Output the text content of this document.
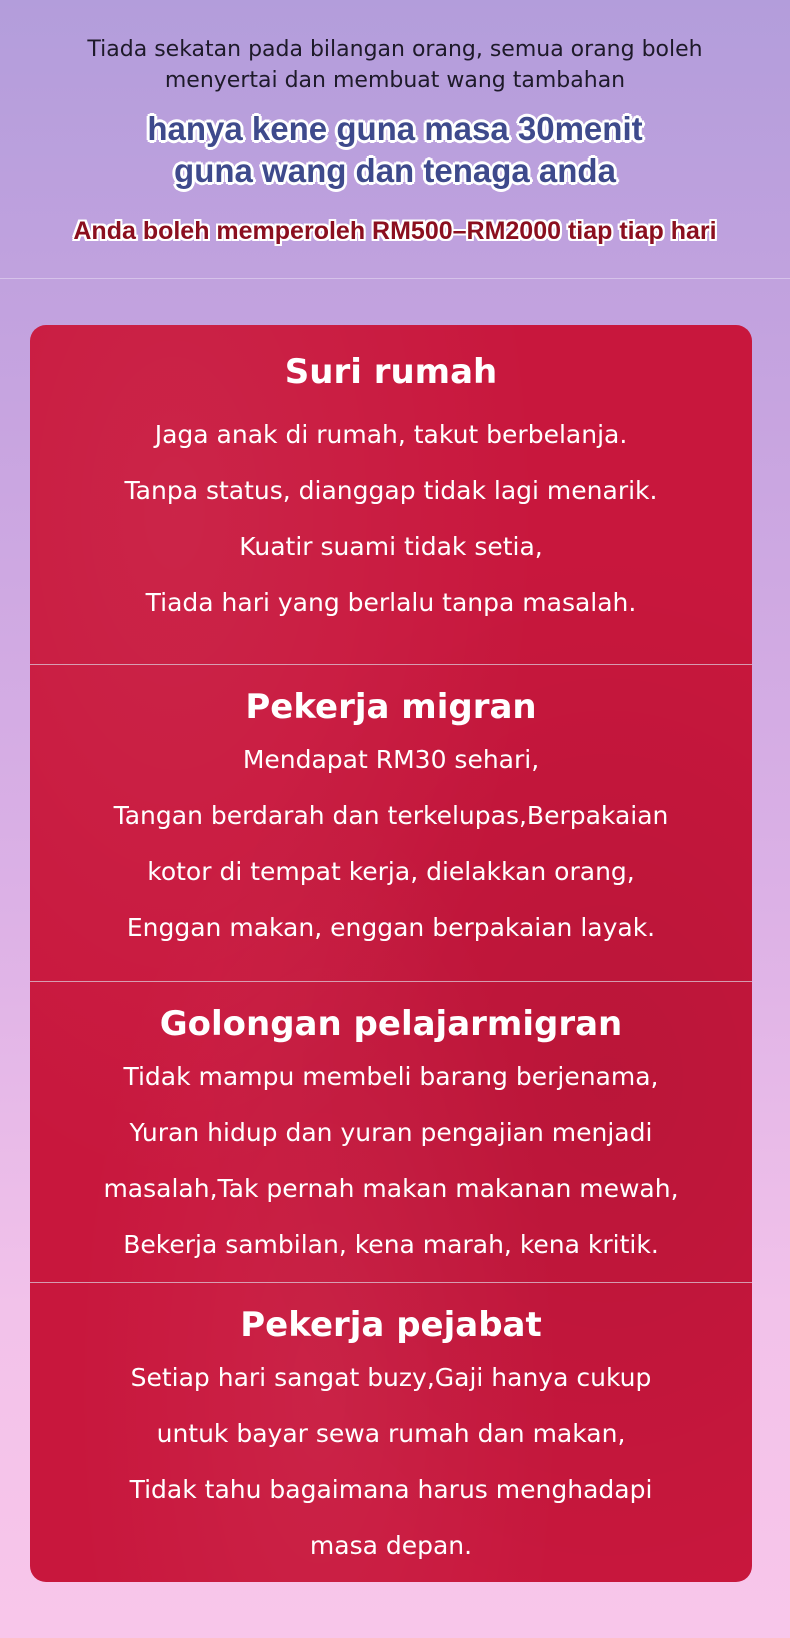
Tiada sekatan pada bilangan orang, semua orang boleh
menyertai dan membuat wang tambahan
hanya kene guna masa 30menit
guna wang dan tenaga anda
Anda boleh memperoleh RM500–RM2000 tiap tiap hari
Suri rumah
Jaga anak di rumah, takut berbelanja.
Tanpa status, dianggap tidak lagi menarik.
Kuatir suami tidak setia,
Tiada hari yang berlalu tanpa masalah.
Pekerja migran
Mendapat RM30 sehari,
Tangan berdarah dan terkelupas,Berpakaian
kotor di tempat kerja, dielakkan orang,
Enggan makan, enggan berpakaian layak.
Golongan pelajarmigran
Tidak mampu membeli barang berjenama,
Yuran hidup dan yuran pengajian menjadi
masalah,Tak pernah makan makanan mewah,
Bekerja sambilan, kena marah, kena kritik.
Pekerja pejabat
Setiap hari sangat buzy,Gaji hanya cukup
untuk bayar sewa rumah dan makan,
Tidak tahu bagaimana harus menghadapi
masa depan.
